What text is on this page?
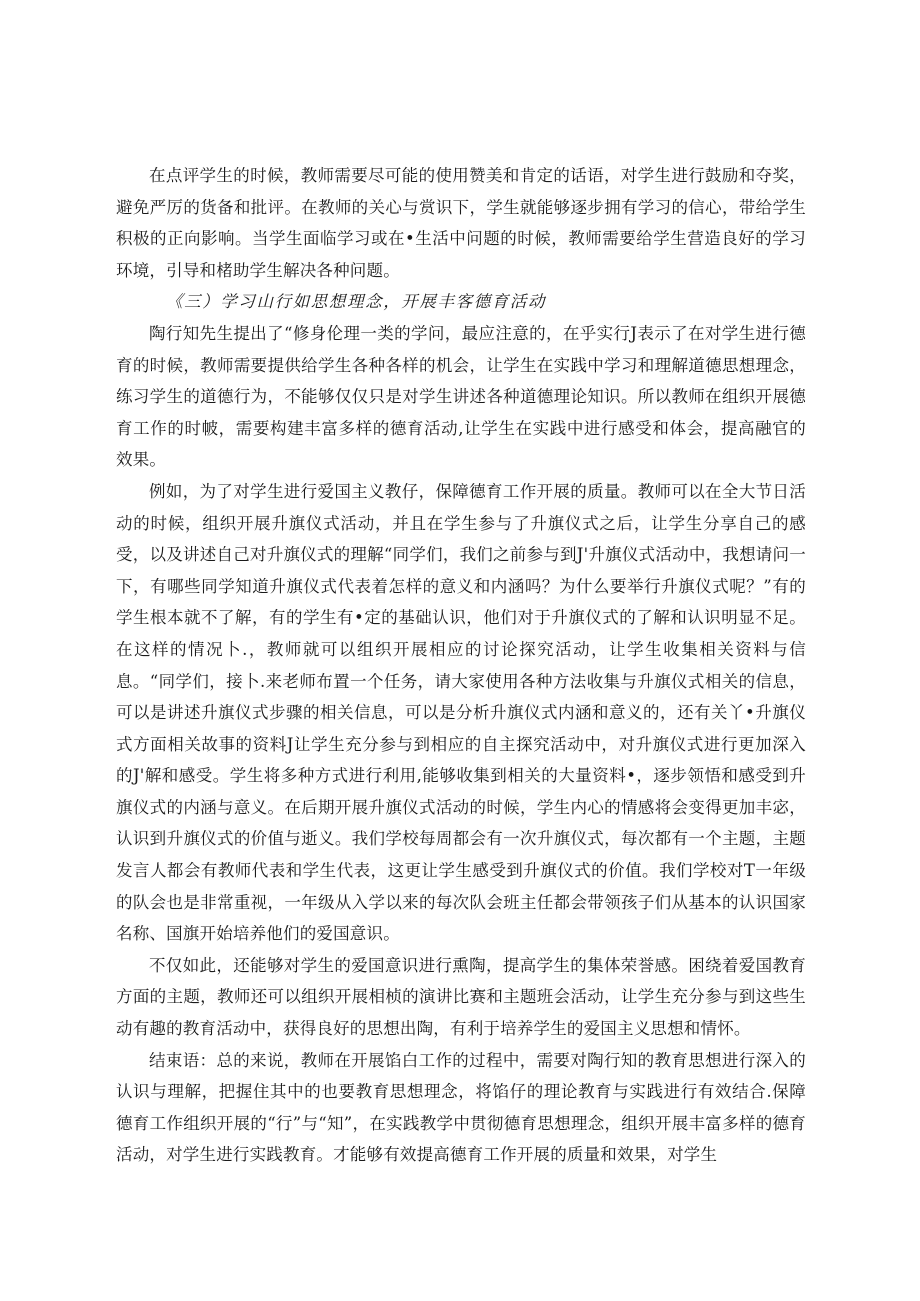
在点评学生的时候，教师需要尽可能的使用赞美和肯定的话语，对学生进行鼓励和夺奖，避免严厉的货备和批评。在教师的关心与赏识下，学生就能够逐步拥有学习的信心，带给学生积极的正向影响。当学生面临学习或在•生活中问题的时候，教师需要给学生营造良好的学习环境，引导和楮助学生解决各种问题。

《三）学习山行如思想理念，开展丰客德育活动

陶行知先生提出了“修身伦理一类的学问，最应注意的，在乎实行J表示了在对学生进行德育的时候，教师需要提供给学生各种各样的机会，让学生在实践中学习和理解道德思想理念，练习学生的道德行为，不能够仅仅只是对学生讲述各种道德理论知识。所以教师在组织开展德育工作的时帔，需要构建丰富多样的德育活动,让学生在实践中进行感受和体会，提高融官的效果。

例如，为了对学生进行爱国主义教仔，保障德育工作开展的质量。教师可以在全大节日活动的时候，组织开展升旗仪式活动，并且在学生参与了升旗仪式之后，让学生分享自己的感受，以及讲述自己对升旗仪式的理解“同学们，我们之前参与到J'升旗仪式活动中，我想请问一下，有哪些同学知道升旗仪式代表着怎样的意义和内涵吗？为什么要举行升旗仪式呢？”有的学生根本就不了解，有的学生有•定的基础认识，他们对于升旗仪式的了解和认识明显不足。在这样的情况卜.，教师就可以组织开展相应的讨论探究活动，让学生收集相关资料与信息。“同学们，接卜.来老师布置一个任务，请大家使用各种方法收集与升旗仪式相关的信息，可以是讲述升旗仪式步骤的相关信息，可以是分析升旗仪式内涵和意义的，还有关丫•升旗仪式方面相关故事的资料J让学生充分参与到相应的自主探究活动中，对升旗仪式进行更加深入的J'解和感受。学生将多种方式进行利用,能够收集到相关的大量资料•，逐步领悟和感受到升旗仪式的内涵与意义。在后期开展升旗仪式活动的时候，学生内心的情感将会变得更加丰宓，认识到升旗仪式的价值与逝义。我们学校每周都会有一次升旗仪式，每次都有一个主题，主题发言人都会有教师代表和学生代表，这更让学生感受到升旗仪式的价值。我们学校对T一年级的队会也是非常重视，一年级从入学以来的每次队会班主任都会带领孩子们从基本的认识国家名称、国旗开始培养他们的爱国意识。

不仅如此，还能够对学生的爱国意识进行熏陶，提高学生的集体荣誉感。困绕着爱国教育方面的主题，教师还可以组织开展相桢的演讲比赛和主题班会活动，让学生充分参与到这些生动有趣的教育活动中，获得良好的思想出陶，有利于培养学生的爱国主义思想和情怀。

结束语：总的来说，教师在开展馅白工作的过程中，需要对陶行知的教育思想进行深入的认识与理解，把握住其中的也要教育思想理念，将馅仔的理论教育与实践进行有效结合.保障德育工作组织开展的“行”与“知”，在实践教学中贯彻德育思想理念，组织开展丰富多样的德育活动，对学生进行实践教育。才能够有效提高德育工作开展的质量和效果，对学生
